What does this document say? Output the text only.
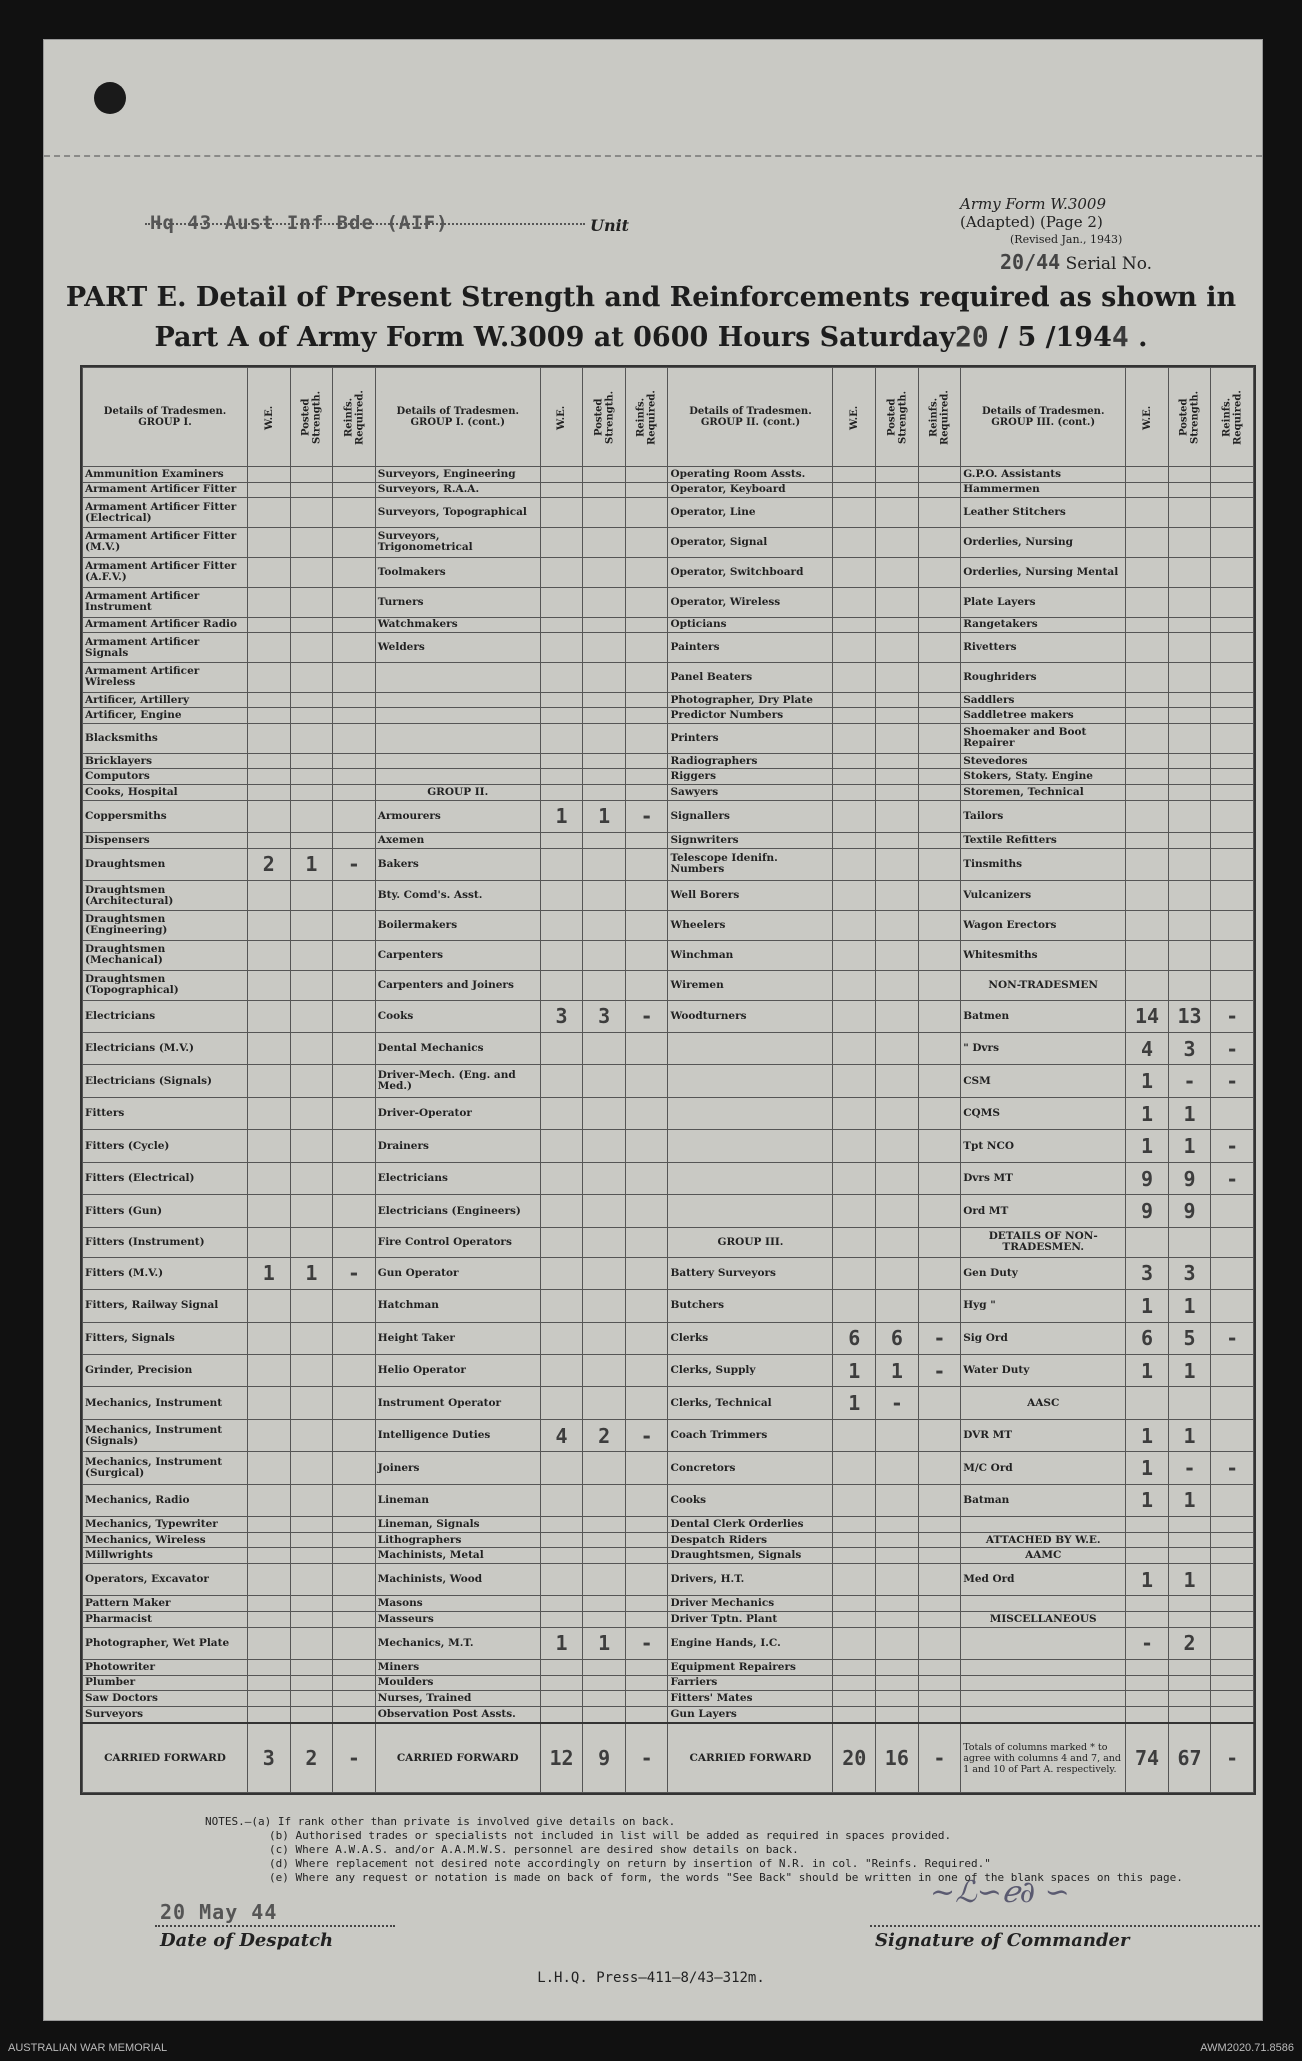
Hq 43 Aust Inf Bde (AIF)	Unit
Army Form W.3009
(Adapted) (Page 2)
(Revised Jan., 1943)
20/44 Serial No.
PART E. Detail of Present Strength and Reinforcements required as shown in
Part A of Army Form W.3009 at 0600 Hours Saturday20 / 5 /1944 .
Details of Tradesmen.
GROUP I.	W.E.	Posted Strength.	Reinfs. Required.	Details of Tradesmen.
GROUP I. (cont.)	W.E.	Posted Strength.	Reinfs. Required.	Details of Tradesmen.
GROUP II. (cont.)	W.E.	Posted Strength.	Reinfs. Required.	Details of Tradesmen.
GROUP III. (cont.)	W.E.	Posted Strength.	Reinfs. Required.
Ammunition Examiners				Surveyors, Engineering				Operating Room Assts.				G.P.O. Assistants			
Armament Artificer Fitter				Surveyors, R.A.A.				Operator, Keyboard				Hammermen			
Armament Artificer Fitter (Electrical)				Surveyors, Topographical				Operator, Line				Leather Stitchers			
Armament Artificer Fitter (M.V.)				Surveyors, Trigonometrical				Operator, Signal				Orderlies, Nursing			
Armament Artificer Fitter (A.F.V.)				Toolmakers				Operator, Switchboard				Orderlies, Nursing Mental			
Armament Artificer Instrument				Turners				Operator, Wireless				Plate Layers			
Armament Artificer Radio				Watchmakers				Opticians				Rangetakers			
Armament Artificer Signals				Welders				Painters				Rivetters			
Armament Artificer Wireless								Panel Beaters				Roughriders			
Artificer, Artillery								Photographer, Dry Plate				Saddlers			
Artificer, Engine								Predictor Numbers				Saddletree makers			
Blacksmiths								Printers				Shoemaker and Boot Repairer			
Bricklayers								Radiographers				Stevedores			
Computors								Riggers				Stokers, Staty. Engine			
Cooks, Hospital				GROUP II.				Sawyers				Storemen, Technical			
Coppersmiths				Armourers	1	1	-	Signallers				Tailors			
Dispensers				Axemen				Signwriters				Textile Refitters			
Draughtsmen	2	1	-	Bakers				Telescope Idenifn. Numbers				Tinsmiths			
Draughtsmen (Architectural)				Bty. Comd's. Asst.				Well Borers				Vulcanizers			
Draughtsmen (Engineering)				Boilermakers				Wheelers				Wagon Erectors			
Draughtsmen (Mechanical)				Carpenters				Winchman				Whitesmiths			
Draughtsmen (Topographical)				Carpenters and Joiners				Wiremen				NON-TRADESMEN			
Electricians				Cooks	3	3	-	Woodturners				Batmen	14	13	-
Electricians (M.V.)				Dental Mechanics								" Dvrs	4	3	-
Electricians (Signals)				Driver-Mech. (Eng. and Med.)								CSM	1	-	-
Fitters				Driver-Operator								CQMS	1	1	
Fitters (Cycle)				Drainers								Tpt NCO	1	1	-
Fitters (Electrical)				Electricians								Dvrs MT	9	9	-
Fitters (Gun)				Electricians (Engineers)								Ord MT	9	9	
Fitters (Instrument)				Fire Control Operators				GROUP III.				DETAILS OF NON-TRADESMEN.			
Fitters (M.V.)	1	1	-	Gun Operator				Battery Surveyors				Gen Duty	3	3	
Fitters, Railway Signal				Hatchman				Butchers				Hyg "	1	1	
Fitters, Signals				Height Taker				Clerks	6	6	-	Sig Ord	6	5	-
Grinder, Precision				Helio Operator				Clerks, Supply	1	1	-	Water Duty	1	1	
Mechanics, Instrument				Instrument Operator				Clerks, Technical	1	-		AASC			
Mechanics, Instrument (Signals)				Intelligence Duties	4	2	-	Coach Trimmers				DVR MT	1	1	
Mechanics, Instrument (Surgical)				Joiners				Concretors				M/C Ord	1	-	-
Mechanics, Radio				Lineman				Cooks				Batman	1	1	
Mechanics, Typewriter				Lineman, Signals				Dental Clerk Orderlies							
Mechanics, Wireless				Lithographers				Despatch Riders				ATTACHED BY W.E.			
Millwrights				Machinists, Metal				Draughtsmen, Signals				AAMC			
Operators, Excavator				Machinists, Wood				Drivers, H.T.				Med Ord	1	1	
Pattern Maker				Masons				Driver Mechanics							
Pharmacist				Masseurs				Driver Tptn. Plant				MISCELLANEOUS			
Photographer, Wet Plate				Mechanics, M.T.	1	1	-	Engine Hands, I.C.					-	2	
Photowriter				Miners				Equipment Repairers							
Plumber				Moulders				Farriers							
Saw Doctors				Nurses, Trained				Fitters' Mates							
Surveyors				Observation Post Assts.				Gun Layers							
CARRIED FORWARD	3	2	-	CARRIED FORWARD	12	9	-	CARRIED FORWARD	20	16	-	Totals of columns marked * to agree with columns 4 and 7, and 1 and 10 of Part A. respectively.	74	67	-
NOTES.—(a) If rank other than private is involved give details on back.
(b) Authorised trades or specialists not included in list will be added as required in spaces provided.
(c) Where A.W.A.S. and/or A.A.M.W.S. personnel are desired show details on back.
(d) Where replacement not desired note accordingly on return by insertion of N.R. in col. "Reinfs. Required."
(e) Where any request or notation is made on back of form, the words "See Back" should be written in one of the blank spaces on this page.
20 May 44
Date of Despatch
~ℒ∽ℯ∂ ∽
Signature of Commander
L.H.Q. Press—411—8/43—312m.
AUSTRALIAN WAR MEMORIAL	AWM2020.71.8586
